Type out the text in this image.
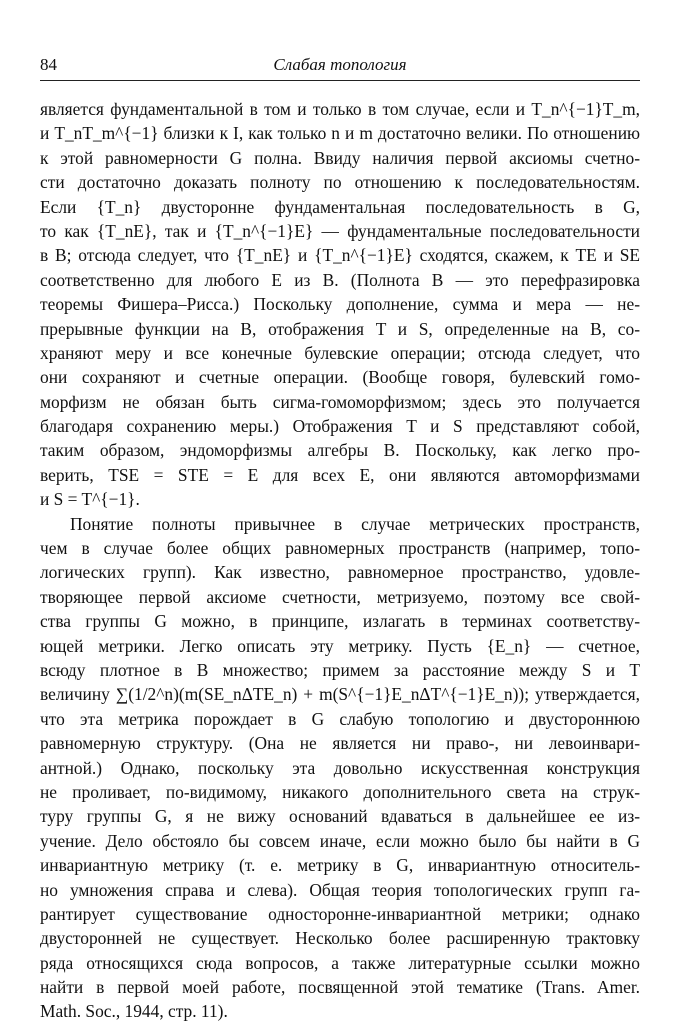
84	Слабая топология
является фундаментальной в том и только в том случае, если и T_n^{−1}T_m,
и T_nT_m^{−1} близки к I, как только n и m достаточно велики. По отношению
к этой равномерности G полна. Ввиду наличия первой аксиомы счетно-
сти достаточно доказать полноту по отношению к последовательностям.
Если {T_n} двусторонне фундаментальная последовательность в G,
то как {T_nE}, так и {T_n^{−1}E} — фундаментальные последовательности
в B; отсюда следует, что {T_nE} и {T_n^{−1}E} сходятся, скажем, к TE и SE
соответственно для любого E из B. (Полнота B — это перефразировка
теоремы Фишера–Рисса.) Поскольку дополнение, сумма и мера — не-
прерывные функции на B, отображения T и S, определенные на B, со-
храняют меру и все конечные булевские операции; отсюда следует, что
они сохраняют и счетные операции. (Вообще говоря, булевский гомо-
морфизм не обязан быть сигма-гомоморфизмом; здесь это получается
благодаря сохранению меры.) Отображения T и S представляют собой,
таким образом, эндоморфизмы алгебры B. Поскольку, как легко про-
верить, TSE = STE = E для всех E, они являются автоморфизмами
и S = T^{−1}.
Понятие полноты привычнее в случае метрических пространств,
чем в случае более общих равномерных пространств (например, топо-
логических групп). Как известно, равномерное пространство, удовле-
творяющее первой аксиоме счетности, метризуемо, поэтому все свой-
ства группы G можно, в принципе, излагать в терминах соответству-
ющей метрики. Легко описать эту метрику. Пусть {E_n} — счетное,
всюду плотное в B множество; примем за расстояние между S и T
величину ∑(1/2^n)(m(SE_nΔTE_n) + m(S^{−1}E_nΔT^{−1}E_n)); утверждается,
что эта метрика порождает в G слабую топологию и двустороннюю
равномерную структуру. (Она не является ни право-, ни левоинвари-
антной.) Однако, поскольку эта довольно искусственная конструкция
не проливает, по-видимому, никакого дополнительного света на струк-
туру группы G, я не вижу оснований вдаваться в дальнейшее ее из-
учение. Дело обстояло бы совсем иначе, если можно было бы найти в G
инвариантную метрику (т. е. метрику в G, инвариантную относитель-
но умножения справа и слева). Общая теория топологических групп га-
рантирует существование односторонне-инвариантной метрики; однако
двусторонней не существует. Несколько более расширенную трактовку
ряда относящихся сюда вопросов, а также литературные ссылки можно
найти в первой моей работе, посвященной этой тематике (Trans. Amer.
Math. Soc., 1944, стр. 11).
